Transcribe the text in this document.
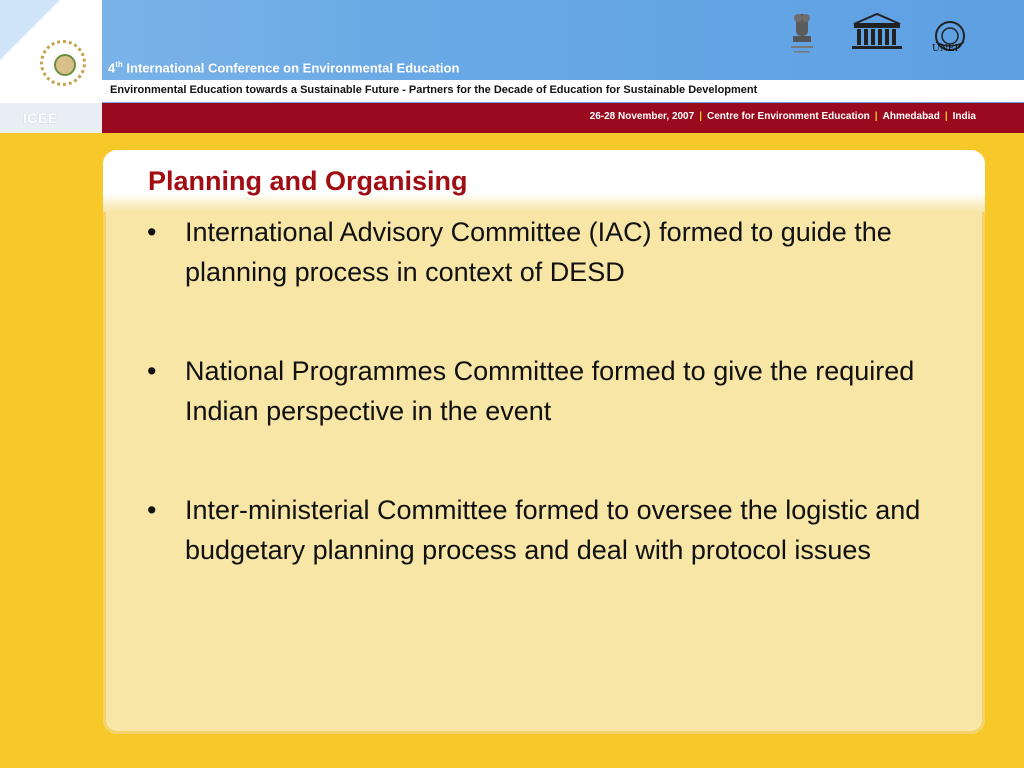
4th International Conference on Environmental Education
Environmental Education towards a Sustainable Future - Partners for the Decade of Education for Sustainable Development
UNEP
ICEE	26-28 November, 2007 | Centre for Environment Education | Ahmedabad | India
Planning and Organising
• International Advisory Committee (IAC) formed to guide the planning process in context of DESD
• National Programmes Committee formed to give the required Indian perspective in the event
• Inter-ministerial Committee formed to oversee the logistic and budgetary planning process and deal with protocol issues
